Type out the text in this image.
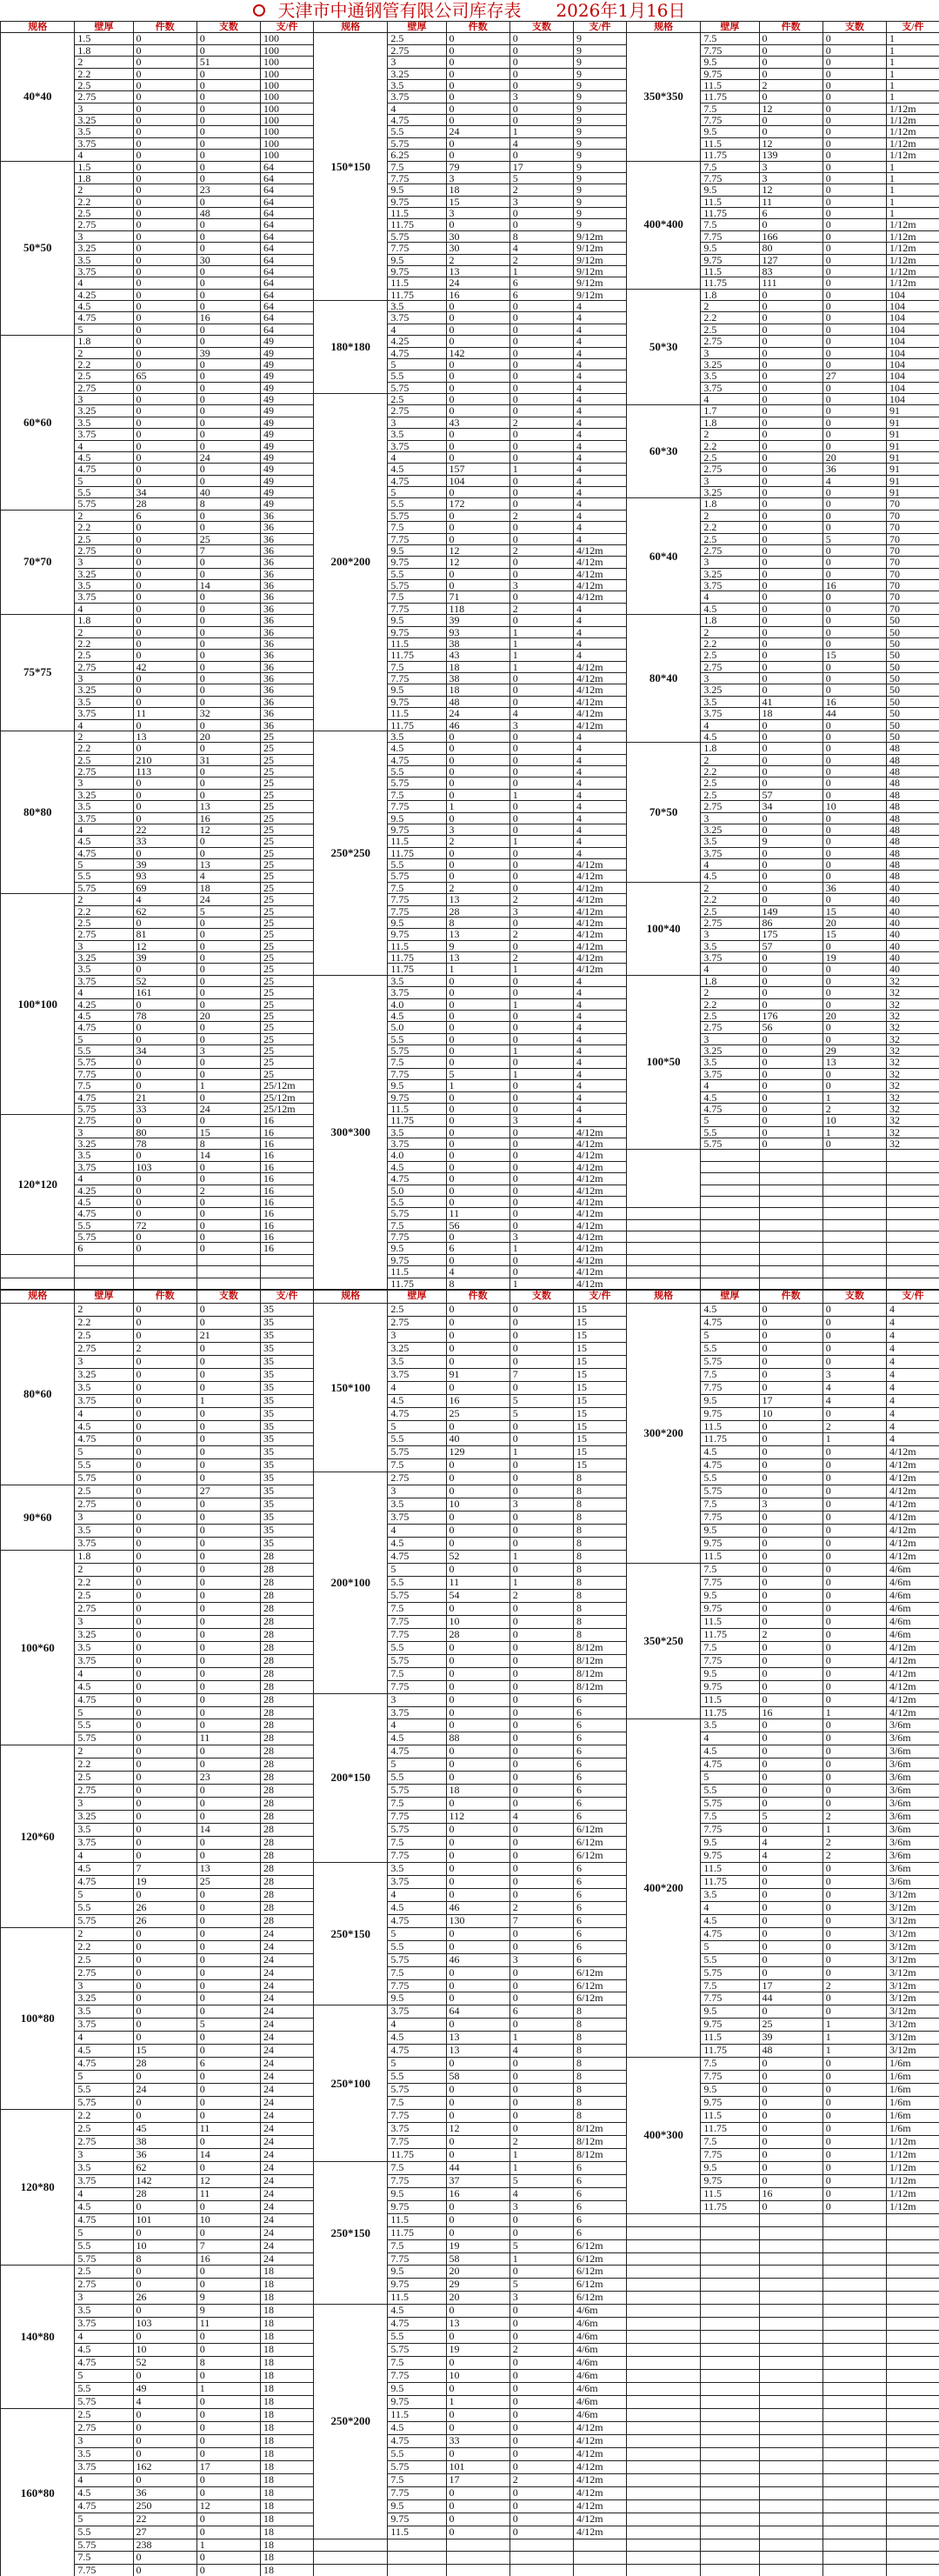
天津市中通钢管有限公司库存表 2026年1月16日
规格	壁厚	件数	支数	支/件	规格	壁厚	件数	支数	支/件	规格	壁厚	件数	支数	支/件
40*40	1.5	0	0	100	150*150	2.5	0	0	9	350*350	7.5	0	0	1
	1.8	0	0	100		2.75	0	0	9		7.75	0	0	1
	2	0	51	100		3	0	0	9		9.5	0	0	1
	2.2	0	0	100		3.25	0	0	9		9.75	0	0	1
	2.5	0	0	100		3.5	0	0	9		11.5	2	0	1
	2.75	0	0	100		3.75	0	3	9		11.75	0	0	1
	3	0	0	100		4	0	0	9		7.5	12	0	1/12m
	3.25	0	0	100		4.75	0	0	9		7.75	0	0	1/12m
	3.5	0	0	100		5.5	24	1	9		9.5	0	0	1/12m
	3.75	0	0	100		5.75	0	4	9		11.5	12	0	1/12m
	4	0	0	100		6.25	0	0	9		11.75	139	0	1/12m
50*50	1.5	0	0	64		7.5	79	17	9	400*400	7.5	3	0	1
	1.8	0	0	64		7.75	3	5	9		7.75	3	0	1
	2	0	23	64		9.5	18	2	9		9.5	12	0	1
	2.2	0	0	64		9.75	15	3	9		11.5	11	0	1
	2.5	0	48	64		11.5	3	0	9		11.75	6	0	1
	2.75	0	0	64		11.75	0	0	9		7.5	0	0	1/12m
	3	0	0	64		5.75	30	8	9/12m		7.75	166	0	1/12m
	3.25	0	0	64		7.75	30	4	9/12m		9.5	80	0	1/12m
	3.5	0	30	64		9.5	2	2	9/12m		9.75	127	0	1/12m
	3.75	0	0	64		9.75	13	1	9/12m		11.5	83	0	1/12m
	4	0	0	64		11.5	24	6	9/12m		11.75	111	0	1/12m
	4.25	0	0	64		11.75	16	6	9/12m	50*30	1.8	0	0	104
	4.5	0	0	64	180*180	3.5	0	0	4		2	0	0	104
	4.75	0	16	64		3.75	0	0	4		2.2	0	0	104
	5	0	0	64		4	0	0	4		2.5	0	0	104
60*60	1.8	0	0	49		4.25	0	0	4		2.75	0	0	104
	2	0	39	49		4.75	142	0	4		3	0	0	104
	2.2	0	0	49		5	0	0	4		3.25	0	0	104
	2.5	65	0	49		5.5	0	0	4		3.5	0	27	104
	2.75	0	0	49		5.75	0	0	4		3.75	0	0	104
	3	0	0	49	200*200	2.5	0	0	4		4	0	0	104
	3.25	0	0	49		2.75	0	0	4	60*30	1.7	0	0	91
	3.5	0	0	49		3	43	2	4		1.8	0	0	91
	3.75	0	0	49		3.5	0	0	4		2	0	0	91
	4	0	0	49		3.75	0	0	4		2.2	0	0	91
	4.5	0	24	49		4	0	0	4		2.5	0	20	91
	4.75	0	0	49		4.5	157	1	4		2.75	0	36	91
	5	0	0	49		4.75	104	0	4		3	0	4	91
	5.5	34	40	49		5	0	0	4		3.25	0	0	91
	5.75	28	8	49		5.5	172	0	4	60*40	1.8	0	0	70
70*70	2	6	0	36		5.75	0	2	4		2	0	0	70
	2.2	0	0	36		7.5	0	0	4		2.2	0	0	70
	2.5	0	25	36		7.75	0	0	4		2.5	0	5	70
	2.75	0	7	36		9.5	12	2	4/12m		2.75	0	0	70
	3	0	0	36		9.75	12	0	4/12m		3	0	0	70
	3.25	0	0	36		5.5	0	0	4/12m		3.25	0	0	70
	3.5	0	14	36		5.75	0	3	4/12m		3.75	0	16	70
	3.75	0	0	36		7.5	71	0	4/12m		4	0	0	70
	4	0	0	36		7.75	118	2	4		4.5	0	0	70
75*75	1.8	0	0	36		9.5	39	0	4	80*40	1.8	0	0	50
	2	0	0	36		9.75	93	1	4		2	0	0	50
	2.2	0	0	36		11.5	38	1	4		2.2	0	0	50
	2.5	0	0	36		11.75	43	1	4		2.5	0	15	50
	2.75	42	0	36		7.5	18	1	4/12m		2.75	0	0	50
	3	0	0	36		7.75	38	0	4/12m		3	0	0	50
	3.25	0	0	36		9.5	18	0	4/12m		3.25	0	0	50
	3.5	0	0	36		9.75	48	0	4/12m		3.5	41	16	50
	3.75	11	32	36		11.5	24	4	4/12m		3.75	18	44	50
	4	0	0	36		11.75	46	3	4/12m		4	0	0	50
80*80	2	13	20	25	250*250	3.5	0	0	4		4.5	0	0	50
	2.2	0	0	25		4.5	0	0	4	70*50	1.8	0	0	48
	2.5	210	31	25		4.75	0	0	4		2	0	0	48
	2.75	113	0	25		5.5	0	0	4		2.2	0	0	48
	3	0	0	25		5.75	0	0	4		2.5	0	0	48
	3.25	0	0	25		7.5	0	1	4		2.5	57	0	48
	3.5	0	13	25		7.75	1	0	4		2.75	34	10	48
	3.75	0	16	25		9.5	0	0	4		3	0	0	48
	4	22	12	25		9.75	3	0	4		3.25	0	0	48
	4.5	33	0	25		11.5	2	1	4		3.5	9	0	48
	4.75	0	0	25		11.75	0	0	4		3.75	0	0	48
	5	39	13	25		5.5	0	0	4/12m		4	0	0	48
	5.5	93	4	25		5.75	0	0	4/12m		4.5	0	0	48
	5.75	69	18	25		7.5	2	0	4/12m	100*40	2	0	36	40
100*100	2	4	24	25		7.75	13	2	4/12m		2.2	0	0	40
	2.2	62	5	25		7.75	28	3	4/12m		2.5	149	15	40
	2.5	0	0	25		9.5	8	0	4/12m		2.75	86	20	40
	2.75	81	0	25		9.75	13	2	4/12m		3	175	15	40
	3	12	0	25		11.5	9	0	4/12m		3.5	57	0	40
	3.25	39	0	25		11.75	13	2	4/12m		3.75	0	19	40
	3.5	0	0	25		11.75	1	1	4/12m		4	0	0	40
	3.75	52	0	25	300*300	3.5	0	0	4	100*50	1.8	0	0	32
	4	161	0	25		3.75	0	0	4		2	0	0	32
	4.25	0	0	25		4.0	0	1	4		2.2	0	0	32
	4.5	78	20	25		4.5	0	0	4		2.5	176	20	32
	4.75	0	0	25		5.0	0	0	4		2.75	56	0	32
	5	0	0	25		5.5	0	0	4		3	0	0	32
	5.5	34	3	25		5.75	0	1	4		3.25	0	29	32
	5.75	0	0	25		7.5	0	0	4		3.5	0	13	32
	7.75	0	0	25		7.75	5	1	4		3.75	0	0	32
	7.5	0	1	25/12m		9.5	1	0	4		4	0	0	32
	4.75	21	0	25/12m		9.75	0	0	4		4.5	0	1	32
	5.75	33	24	25/12m		11.5	0	0	4		4.75	0	2	32
120*120	2.75	0	0	16		11.75	0	3	4		5	0	10	32
	3	80	15	16		3.5	0	0	4/12m		5.5	0	1	32
	3.25	78	8	16		3.75	0	0	4/12m		5.75	0	0	32
	3.5	0	14	16		4.0	0	0	4/12m					
	3.75	103	0	16		4.5	0	0	4/12m					
	4	0	0	16		4.75	0	0	4/12m					
	4.25	0	2	16		5.0	0	0	4/12m					
	4.5	0	0	16		5.5	0	0	4/12m					
	4.75	0	0	16		5.75	11	0	4/12m					
	5.5	72	0	16		7.5	56	0	4/12m					
	5.75	0	0	16		7.75	0	3	4/12m					
	6	0	0	16		9.5	6	1	4/12m					
						9.75	0	0	4/12m					
						11.5	4	0	4/12m					
						11.75	8	1	4/12m					
规格	壁厚	件数	支数	支/件	规格	壁厚	件数	支数	支/件	规格	壁厚	件数	支数	支/件
80*60	2	0	0	35	150*100	2.5	0	0	15	300*200	4.5	0	0	4
	2.2	0	0	35		2.75	0	0	15		4.75	0	0	4
	2.5	0	21	35		3	0	0	15		5	0	0	4
	2.75	2	0	35		3.25	0	0	15		5.5	0	0	4
	3	0	0	35		3.5	0	0	15		5.75	0	0	4
	3.25	0	0	35		3.75	91	7	15		7.5	0	3	4
	3.5	0	0	35		4	0	0	15		7.75	0	4	4
	3.75	0	1	35		4.5	16	5	15		9.5	17	4	4
	4	0	0	35		4.75	25	5	15		9.75	10	0	4
	4.5	0	0	35		5	0	0	15		11.5	0	2	4
	4.75	0	0	35		5.5	40	0	15		11.75	0	1	4
	5	0	0	35		5.75	129	1	15		4.5	0	0	4/12m
	5.5	0	0	35		7.5	0	0	15		4.75	0	0	4/12m
	5.75	0	0	35	200*100	2.75	0	0	8		5.5	0	0	4/12m
90*60	2.5	0	27	35		3	0	0	8		5.75	0	0	4/12m
	2.75	0	0	35		3.5	10	3	8		7.5	3	0	4/12m
	3	0	0	35		3.75	0	0	8		7.75	0	0	4/12m
	3.5	0	0	35		4	0	0	8		9.5	0	0	4/12m
	3.75	0	0	35		4.5	0	0	8		9.75	0	0	4/12m
100*60	1.8	0	0	28		4.75	52	1	8		11.5	0	0	4/12m
	2	0	0	28		5	0	0	8	350*250	7.5	0	0	4/6m
	2.2	0	0	28		5.5	11	1	8		7.75	0	0	4/6m
	2.5	0	0	28		5.75	54	2	8		9.5	0	0	4/6m
	2.75	0	0	28		7.5	0	0	8		9.75	0	0	4/6m
	3	0	0	28		7.75	10	0	8		11.5	0	0	4/6m
	3.25	0	0	28		7.75	28	0	8		11.75	2	0	4/6m
	3.5	0	0	28		5.5	0	0	8/12m		7.5	0	0	4/12m
	3.75	0	0	28		5.75	0	0	8/12m		7.75	0	0	4/12m
	4	0	0	28		7.5	0	0	8/12m		9.5	0	0	4/12m
	4.5	0	0	28		7.75	0	0	8/12m		9.75	0	0	4/12m
	4.75	0	0	28	200*150	3	0	0	6		11.5	0	0	4/12m
	5	0	0	28		3.75	0	0	6		11.75	16	1	4/12m
	5.5	0	0	28		4	0	0	6	400*200	3.5	0	0	3/6m
	5.75	0	11	28		4.5	88	0	6		4	0	0	3/6m
120*60	2	0	0	28		4.75	0	0	6		4.5	0	0	3/6m
	2.2	0	0	28		5	0	0	6		4.75	0	0	3/6m
	2.5	0	23	28		5.5	0	0	6		5	0	0	3/6m
	2.75	0	0	28		5.75	18	0	6		5.5	0	0	3/6m
	3	0	0	28		7.5	0	0	6		5.75	0	0	3/6m
	3.25	0	0	28		7.75	112	4	6		7.5	5	2	3/6m
	3.5	0	14	28		5.75	0	0	6/12m		7.75	0	1	3/6m
	3.75	0	0	28		7.5	0	0	6/12m		9.5	4	2	3/6m
	4	0	0	28		7.75	0	0	6/12m		9.75	4	2	3/6m
	4.5	7	13	28	250*150	3.5	0	0	6		11.5	0	0	3/6m
	4.75	19	25	28		3.75	0	0	6		11.75	0	0	3/6m
	5	0	0	28		4	0	0	6		3.5	0	0	3/12m
	5.5	26	0	28		4.5	46	2	6		4	0	0	3/12m
	5.75	26	0	28		4.75	130	7	6		4.5	0	0	3/12m
100*80	2	0	0	24		5	0	0	6		4.75	0	0	3/12m
	2.2	0	0	24		5.5	0	0	6		5	0	0	3/12m
	2.5	0	0	24		5.75	46	3	6		5.5	0	0	3/12m
	2.75	0	0	24		7.5	0	0	6/12m		5.75	0	0	3/12m
	3	0	0	24		7.75	0	0	6/12m		7.5	17	2	3/12m
	3.25	0	0	24		9.5	0	0	6/12m		7.75	44	0	3/12m
	3.5	0	0	24	250*100	3.75	64	6	8		9.5	0	0	3/12m
	3.75	0	5	24		4	0	0	8		9.75	25	1	3/12m
	4	0	0	24		4.5	13	1	8		11.5	39	1	3/12m
	4.5	15	0	24		4.75	13	4	8		11.75	48	1	3/12m
	4.75	28	6	24		5	0	0	8	400*300	7.5	0	0	1/6m
	5	0	0	24		5.5	58	0	8		7.75	0	0	1/6m
	5.5	24	0	24		5.75	0	0	8		9.5	0	0	1/6m
	5.75	0	0	24		7.5	0	0	8		9.75	0	0	1/6m
120*80	2.2	0	0	24		7.75	0	0	8		11.5	0	0	1/6m
	2.5	45	11	24		3.75	12	0	8/12m		11.75	0	0	1/6m
	2.75	38	0	24		7.75	0	2	8/12m		7.5	0	0	1/12m
	3	36	14	24		11.75	0	1	8/12m		7.75	0	0	1/12m
	3.5	62	0	24	250*150	7.5	44	1	6		9.5	0	0	1/12m
	3.75	142	12	24		7.75	37	5	6		9.75	0	0	1/12m
	4	28	11	24		9.5	16	4	6		11.5	16	0	1/12m
	4.5	0	0	24		9.75	0	3	6		11.75	0	0	1/12m
	4.75	101	10	24		11.5	0	0	6					
	5	0	0	24		11.75	0	0	6					
	5.5	10	7	24		7.5	19	5	6/12m					
	5.75	8	16	24		7.75	58	1	6/12m					
140*80	2.5	0	0	18		9.5	20	0	6/12m					
	2.75	0	0	18		9.75	29	5	6/12m					
	3	26	9	18		11.5	20	3	6/12m					
	3.5	0	9	18	250*200	4.5	0	0	4/6m					
	3.75	103	11	18		4.75	13	0	4/6m					
	4	0	0	18		5.5	0	0	4/6m					
	4.5	10	0	18		5.75	19	2	4/6m					
	4.75	52	8	18		7.5	0	0	4/6m					
	5	0	0	18		7.75	10	0	4/6m					
	5.5	49	1	18		9.5	0	0	4/6m					
	5.75	4	0	18		9.75	1	0	4/6m					
160*80	2.5	0	0	18		11.5	0	0	4/6m					
	2.75	0	0	18		4.5	0	0	4/12m					
	3	0	0	18		4.75	33	0	4/12m					
	3.5	0	0	18		5.5	0	0	4/12m					
	3.75	162	17	18		5.75	101	0	4/12m					
	4	0	0	18		7.5	17	2	4/12m					
	4.5	36	0	18		7.75	0	0	4/12m					
	4.75	250	12	18		9.5	0	0	4/12m					
	5	22	0	18		9.75	0	0	4/12m					
	5.5	27	0	18		11.5	0	0	4/12m					
	5.75	238	1	18										
	7.5	0	0	18										
	7.75	0	0	18										
